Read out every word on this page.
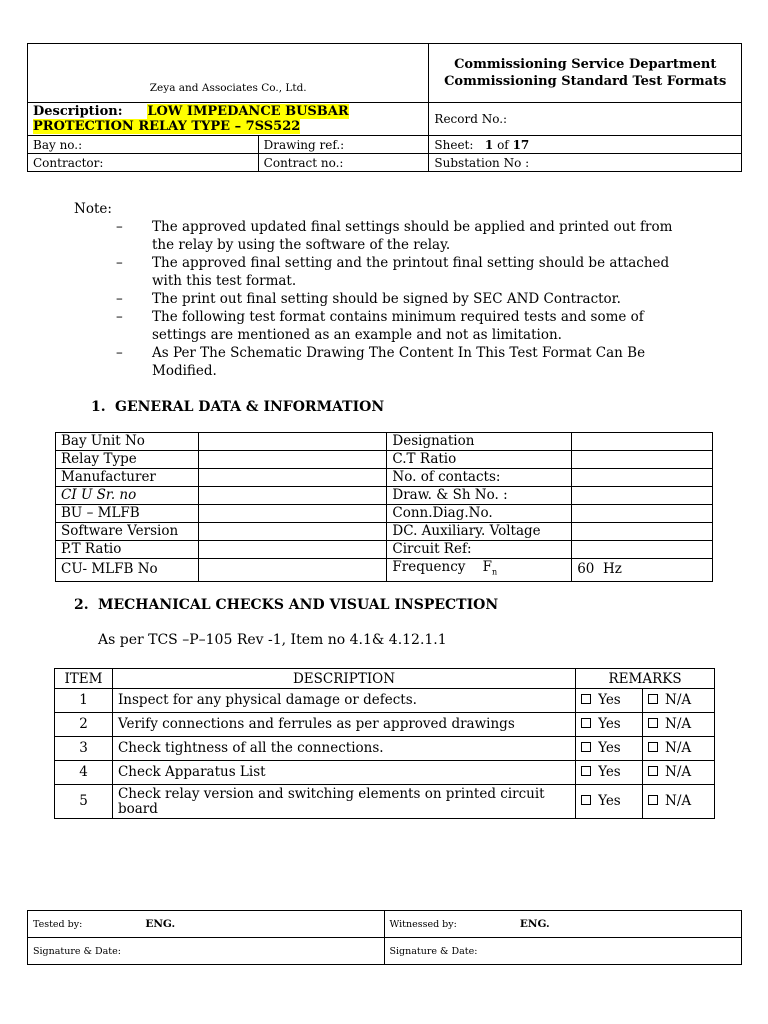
Zeya and Associates Co., Ltd.		Commissioning Service Department
Commissioning Standard Test Formats

Description: LOW IMPEDANCE BUSBAR
PROTECTION RELAY TYPE – 7SS522		Record No.:
Bay no.:	Drawing ref.:	Sheet: 1 of 17
Contractor:	Contract no.:	Substation No :
Note:
– The approved updated final settings should be applied and printed out from
the relay by using the software of the relay.
– The approved final setting and the printout final setting should be attached
with this test format.
– The print out final setting should be signed by SEC AND Contractor.
– The following test format contains minimum required tests and some of
settings are mentioned as an example and not as limitation.
– As Per The Schematic Drawing The Content In This Test Format Can Be
Modified.
1. GENERAL DATA & INFORMATION
Bay Unit No		Designation	
Relay Type		C.T Ratio	
Manufacturer		No. of contacts:	
CI U Sr. no		Draw. & Sh No. :	
BU – MLFB		Conn.Diag.No.	
Software Version		DC. Auxiliary. Voltage	
P.T Ratio		Circuit Ref:	
CU- MLFB No		Frequency    $F_n$	60  Hz
2. MECHANICAL CHECKS AND VISUAL INSPECTION
As per TCS –P–105 Rev -1, Item no 4.1& 4.12.1.1
ITEM	DESCRIPTION	REMARKS	
1	Inspect for any physical damage or defects.	Yes	N/A
2	Verify connections and ferrules as per approved drawings	Yes	N/A
3	Check tightness of all the connections.	Yes	N/A
4	Check Apparatus List	Yes	N/A
5	Check relay version and switching elements on printed circuit board	Yes	N/A
Tested by: ENG.	Witnessed by: ENG.
Signature & Date:	Signature & Date:
